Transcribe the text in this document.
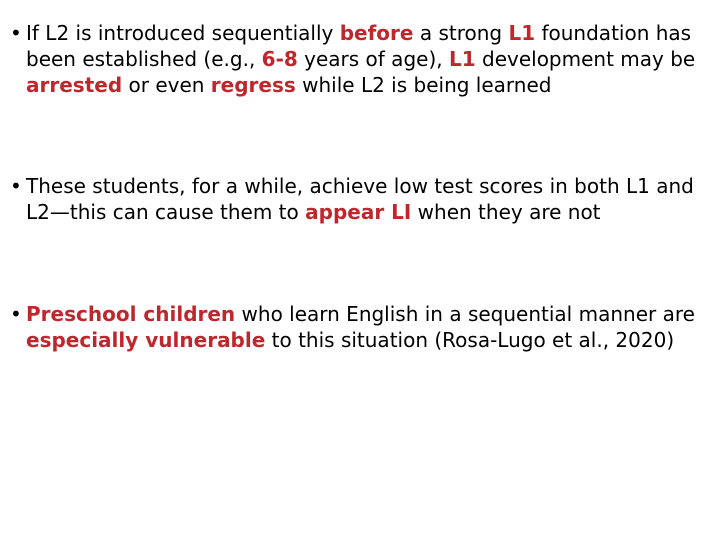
• If L2 is introduced sequentially before a strong L1 foundation has been established (e.g., 6-8 years of age), L1 development may be arrested or even regress while L2 is being learned
• These students, for a while, achieve low test scores in both L1 and L2—this can cause them to appear LI when they are not
• Preschool children who learn English in a sequential manner are especially vulnerable to this situation (Rosa-Lugo et al., 2020)
